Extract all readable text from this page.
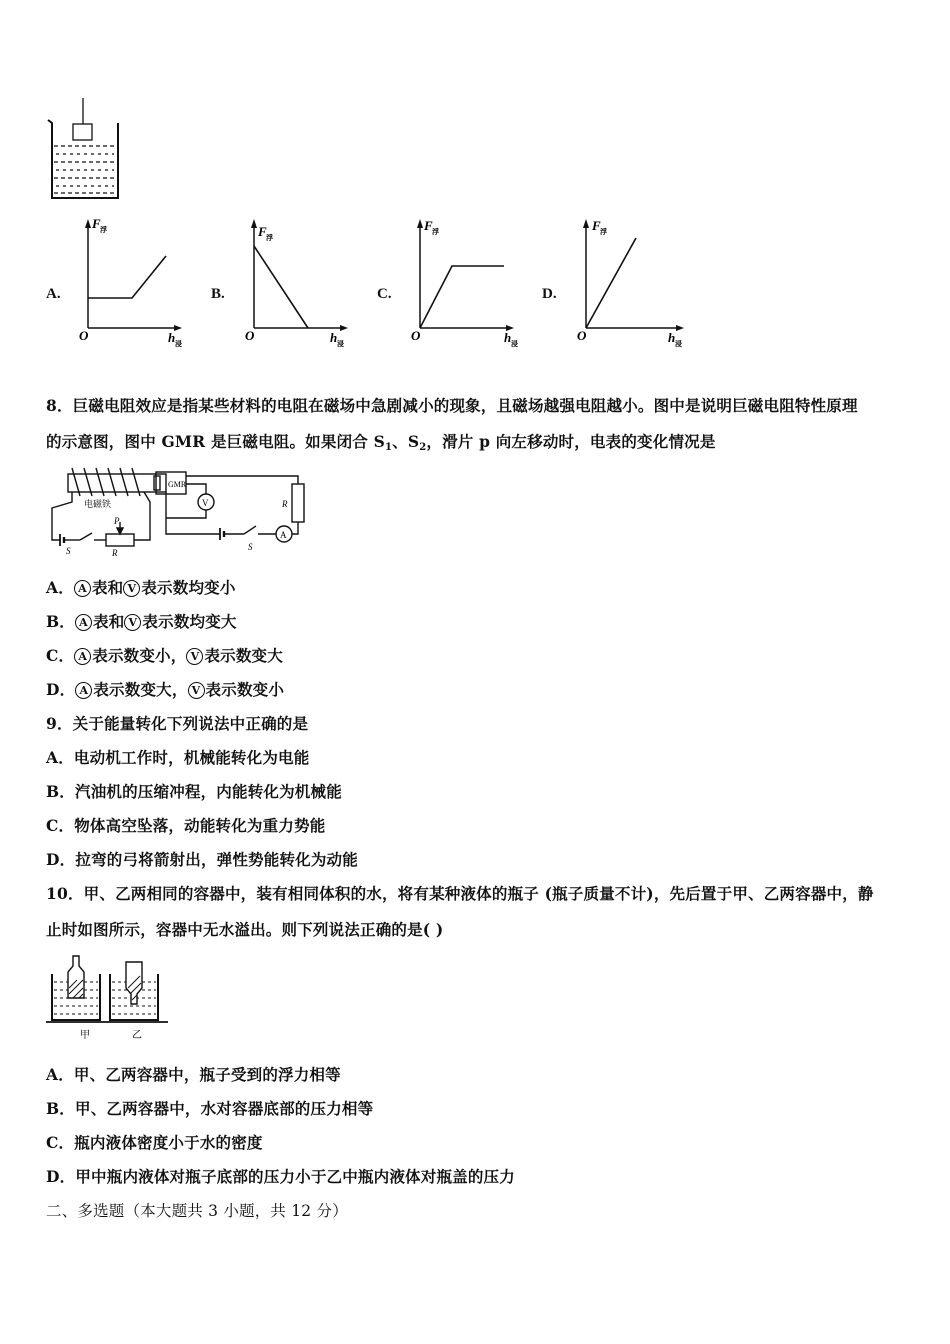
A.
F 浮
O	h 浸
B.
F 浮
O	h 浸
C.
F 浮
O	h 浸
D.
F 浮
O	h 浸
8．巨磁电阻效应是指某些材料的电阻在磁场中急剧减小的现象，且磁场越强电阻越小。图中是说明巨磁电阻特性原理
的示意图，图中 GMR 是巨磁电阻。如果闭合 $S_1$、$S_2$，滑片 p 向左移动时，电表的变化情况是
GMR
电磁铁
P
S	R
R
S
V
A
A． A 表和 V 表示数均变小
B． A 表和 V 表示数均变大
C． A 表示数变小， V 表示数变大
D． A 表示数变大， V 表示数变小
9．关于能量转化下列说法中正确的是
A．电动机工作时，机械能转化为电能
B．汽油机的压缩冲程，内能转化为机械能
C．物体高空坠落，动能转化为重力势能
D．拉弯的弓将箭射出，弹性势能转化为动能
10．甲、乙两相同的容器中，装有相同体积的水，将有某种液体的瓶子 (瓶子质量不计)，先后置于甲、乙两容器中，静
止时如图所示，容器中无水溢出。则下列说法正确的是( )
甲	乙
A．甲、乙两容器中，瓶子受到的浮力相等
B．甲、乙两容器中，水对容器底部的压力相等
C．瓶内液体密度小于水的密度
D．甲中瓶内液体对瓶子底部的压力小于乙中瓶内液体对瓶盖的压力
二、多选题（本大题共 3 小题，共 12 分）
